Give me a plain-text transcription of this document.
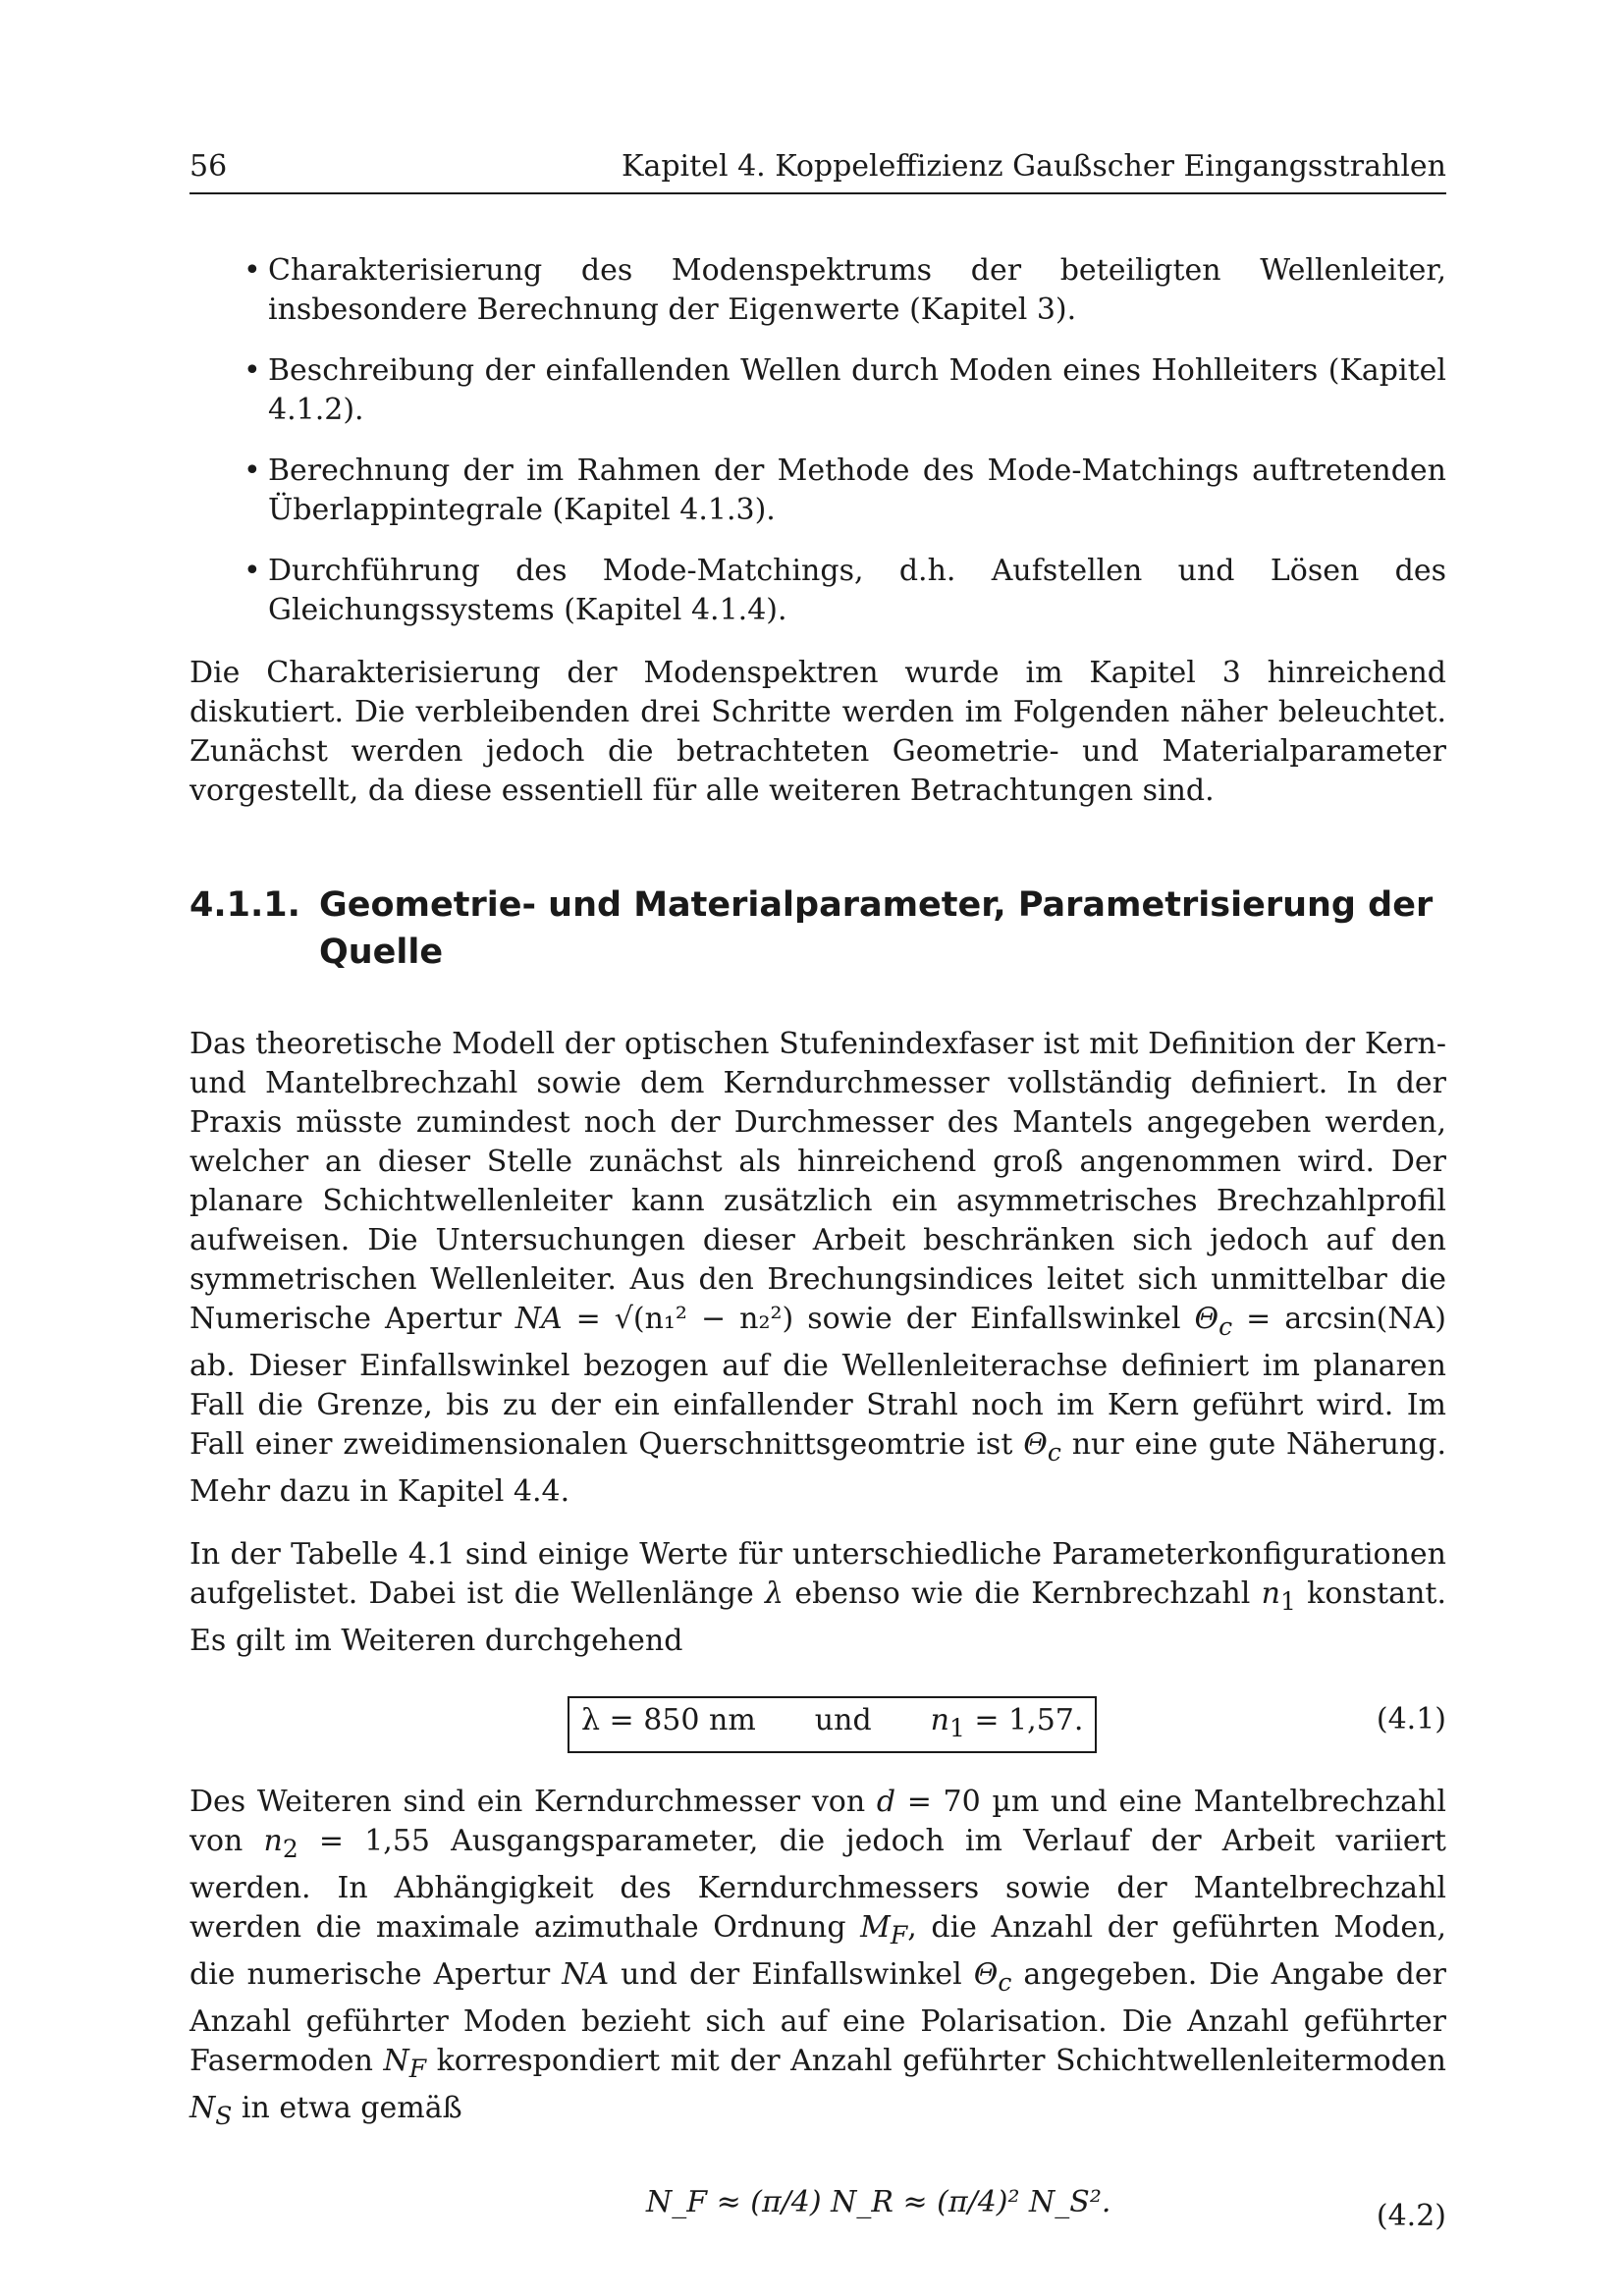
56	Kapitel 4. Koppeleffizienz Gaußscher Eingangsstrahlen
• Charakterisierung des Modenspektrums der beteiligten Wellenleiter, insbesondere Berechnung der Eigenwerte (Kapitel 3).
• Beschreibung der einfallenden Wellen durch Moden eines Hohlleiters (Kapitel 4.1.2).
• Berechnung der im Rahmen der Methode des Mode-Matchings auftretenden Überlappintegrale (Kapitel 4.1.3).
• Durchführung des Mode-Matchings, d.h. Aufstellen und Lösen des Gleichungssystems (Kapitel 4.1.4).

Die Charakterisierung der Modenspektren wurde im Kapitel 3 hinreichend diskutiert. Die verbleibenden drei Schritte werden im Folgenden näher beleuchtet. Zunächst werden jedoch die betrachteten Geometrie- und Materialparameter vorgestellt, da diese essentiell für alle weiteren Betrachtungen sind.

4.1.1. Geometrie- und Materialparameter, Parametrisierung der Quelle

Das theoretische Modell der optischen Stufenindexfaser ist mit Definition der Kern- und Mantelbrechzahl sowie dem Kerndurchmesser vollständig definiert. In der Praxis müsste zumindest noch der Durchmesser des Mantels angegeben werden, welcher an dieser Stelle zunächst als hinreichend groß angenommen wird. Der planare Schichtwellenleiter kann zusätzlich ein asymmetrisches Brechzahlprofil aufweisen. Die Untersuchungen dieser Arbeit beschränken sich jedoch auf den symmetrischen Wellenleiter. Aus den Brechungsindices leitet sich unmittelbar die Numerische Apertur NA = √(n₁² − n₂²) sowie der Einfallswinkel $\Theta_c = \arcsin(NA)$ ab. Dieser Einfallswinkel bezogen auf die Wellenleiterachse definiert im planaren Fall die Grenze, bis zu der ein einfallender Strahl noch im Kern geführt wird. Im Fall einer zweidimensionalen Querschnittsgeomtrie ist $\Theta_c$ nur eine gute Näherung. Mehr dazu in Kapitel 4.4.

In der Tabelle 4.1 sind einige Werte für unterschiedliche Parameterkonfigurationen aufgelistet. Dabei ist die Wellenlänge λ ebenso wie die Kernbrechzahl $n_1$ konstant. Es gilt im Weiteren durchgehend

λ = 850 nm und $n_1 = 1,57$.	(4.1)

Des Weiteren sind ein Kerndurchmesser von d = 70 µm und eine Mantelbrechzahl von $n_2 = 1,55$ Ausgangsparameter, die jedoch im Verlauf der Arbeit variiert werden. In Abhängigkeit des Kerndurchmessers sowie der Mantelbrechzahl werden die maximale azimuthale Ordnung $M_F$, die Anzahl der geführten Moden, die numerische Apertur NA und der Einfallswinkel $\Theta_c$ angegeben. Die Angabe der Anzahl geführter Moden bezieht sich auf eine Polarisation. Die Anzahl geführter Fasermoden $N_F$ korrespondiert mit der Anzahl geführter Schichtwellenleitermoden $N_S$ in etwa gemäß

N_F ≈ (π/4) N_R ≈ (π/4)² N_S².	(4.2)
